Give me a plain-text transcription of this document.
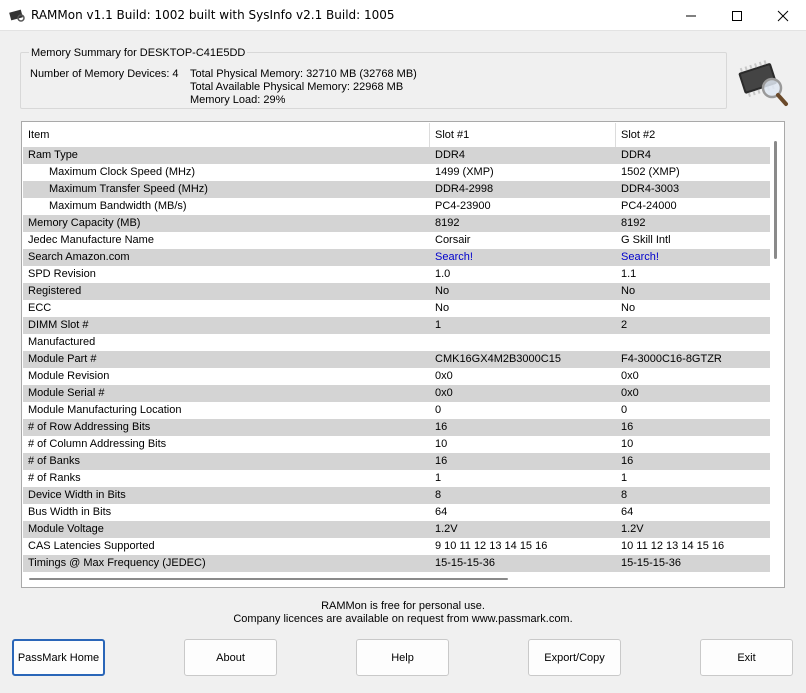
RAMMon v1.1 Build: 1002 built with SysInfo v2.1 Build: 1005
Memory Summary for DESKTOP-C41E5DD
Number of Memory Devices: 4 Total Physical Memory: 32710 MB (32768 MB)
Total Available Physical Memory: 22968 MB
Memory Load: 29%
Item	Slot #1	Slot #2
Ram Type	DDR4	DDR4
Maximum Clock Speed (MHz)	1499 (XMP)	1502 (XMP)
Maximum Transfer Speed (MHz)	DDR4-2998	DDR4-3003
Maximum Bandwidth (MB/s)	PC4-23900	PC4-24000
Memory Capacity (MB)	8192	8192
Jedec Manufacture Name	Corsair	G Skill Intl
Search Amazon.com	Search!	Search!
SPD Revision	1.0	1.1
Registered	No	No
ECC	No	No
DIMM Slot #	1	2
Manufactured
Module Part #	CMK16GX4M2B3000C15	F4-3000C16-8GTZR
Module Revision	0x0	0x0
Module Serial #	0x0	0x0
Module Manufacturing Location	0	0
# of Row Addressing Bits	16	16
# of Column Addressing Bits	10	10
# of Banks	16	16
# of Ranks	1	1
Device Width in Bits	8	8
Bus Width in Bits	64	64
Module Voltage	1.2V	1.2V
CAS Latencies Supported	9 10 11 12 13 14 15 16	10 11 12 13 14 15 16
Timings @ Max Frequency (JEDEC)	15-15-15-36	15-15-15-36
RAMMon is free for personal use.
Company licences are available on request from www.passmark.com.
PassMark Home	About	Help	Export/Copy	Exit
